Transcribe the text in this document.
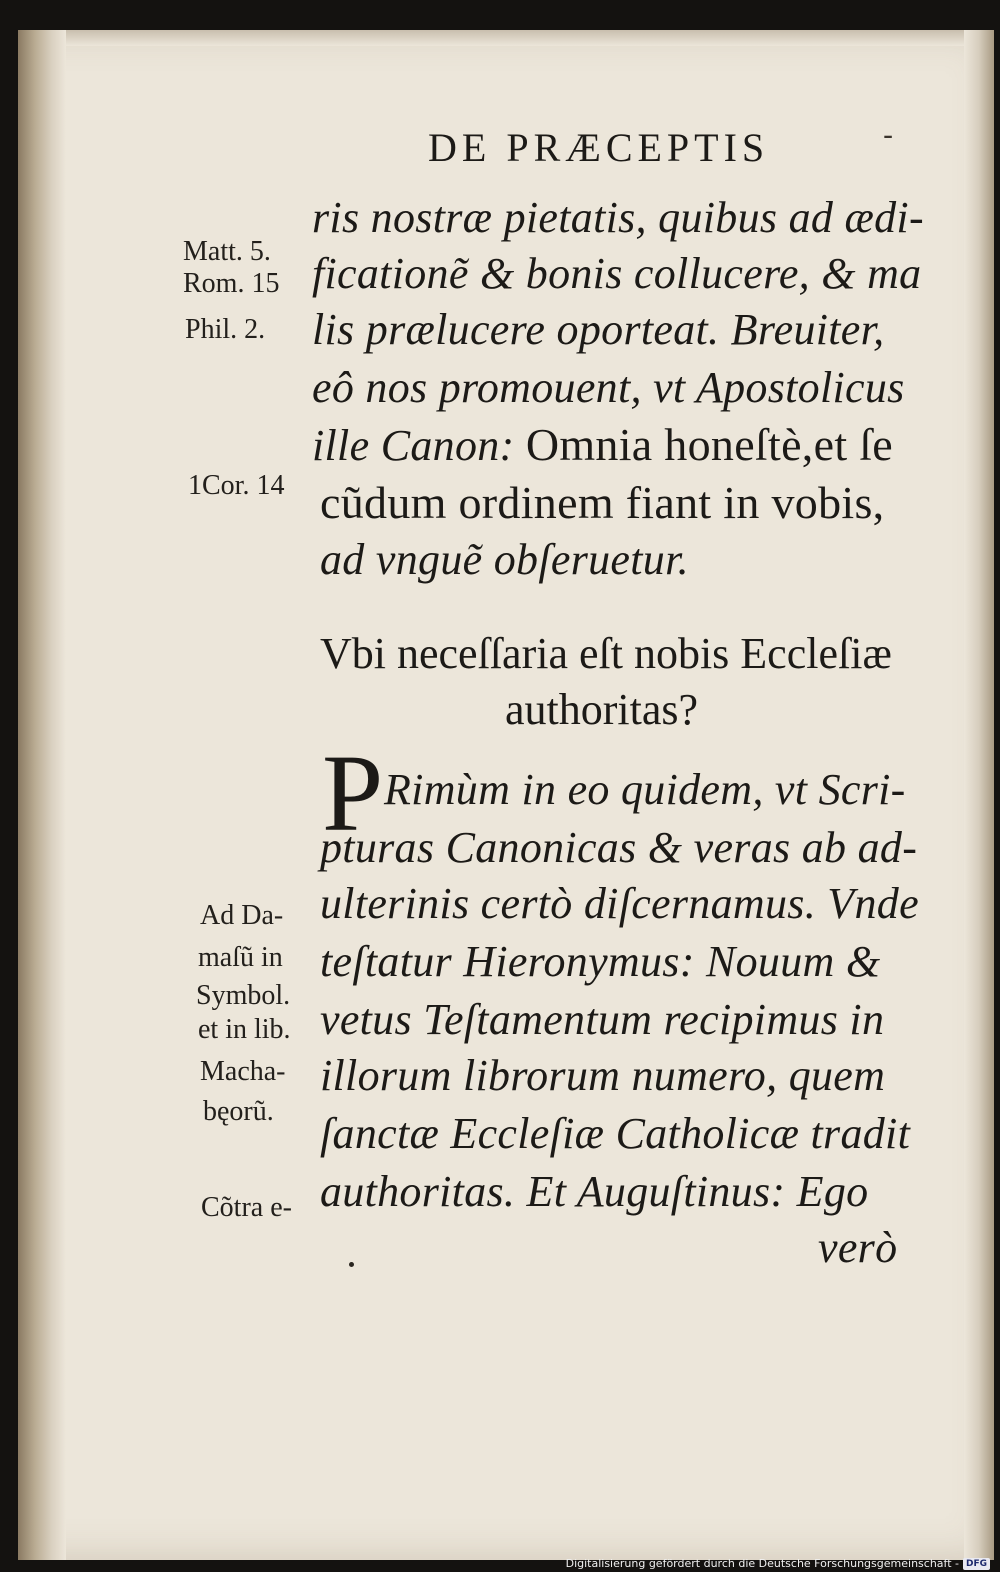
DE PRÆCEPTIS	-
ris nostræ pietatis, quibus ad ædi-
ficationẽ & bonis collucere, & ma
lis prælucere oporteat. Breuiter,
eô nos promouent, vt Apostolicus
ille Canon: Omnia honeſtè,et ſe
cũdum ordinem fiant in vobis,
ad vnguẽ obſeruetur.
Vbi neceſſaria eſt nobis Eccleſiæ
authoritas?
P Rimùm in eo quidem, vt Scri-
pturas Canonicas & veras ab ad-
ulterinis certò diſcernamus. Vnde
teſtatur Hieronymus: Nouum &
vetus Teſtamentum recipimus in
illorum librorum numero, quem
ſanctæ Eccleſiæ Catholicæ tradit
authoritas. Et Auguſtinus: Ego
verò
Matt. 5.
Rom. 15
Phil. 2.
1Cor. 14
Ad Da-
maſũ in
Symbol.
et in lib.
Macha-
bęorũ.
Cõtra e-
Digitalisierung gefördert durch die Deutsche Forschungsgemeinschaft - DFG
